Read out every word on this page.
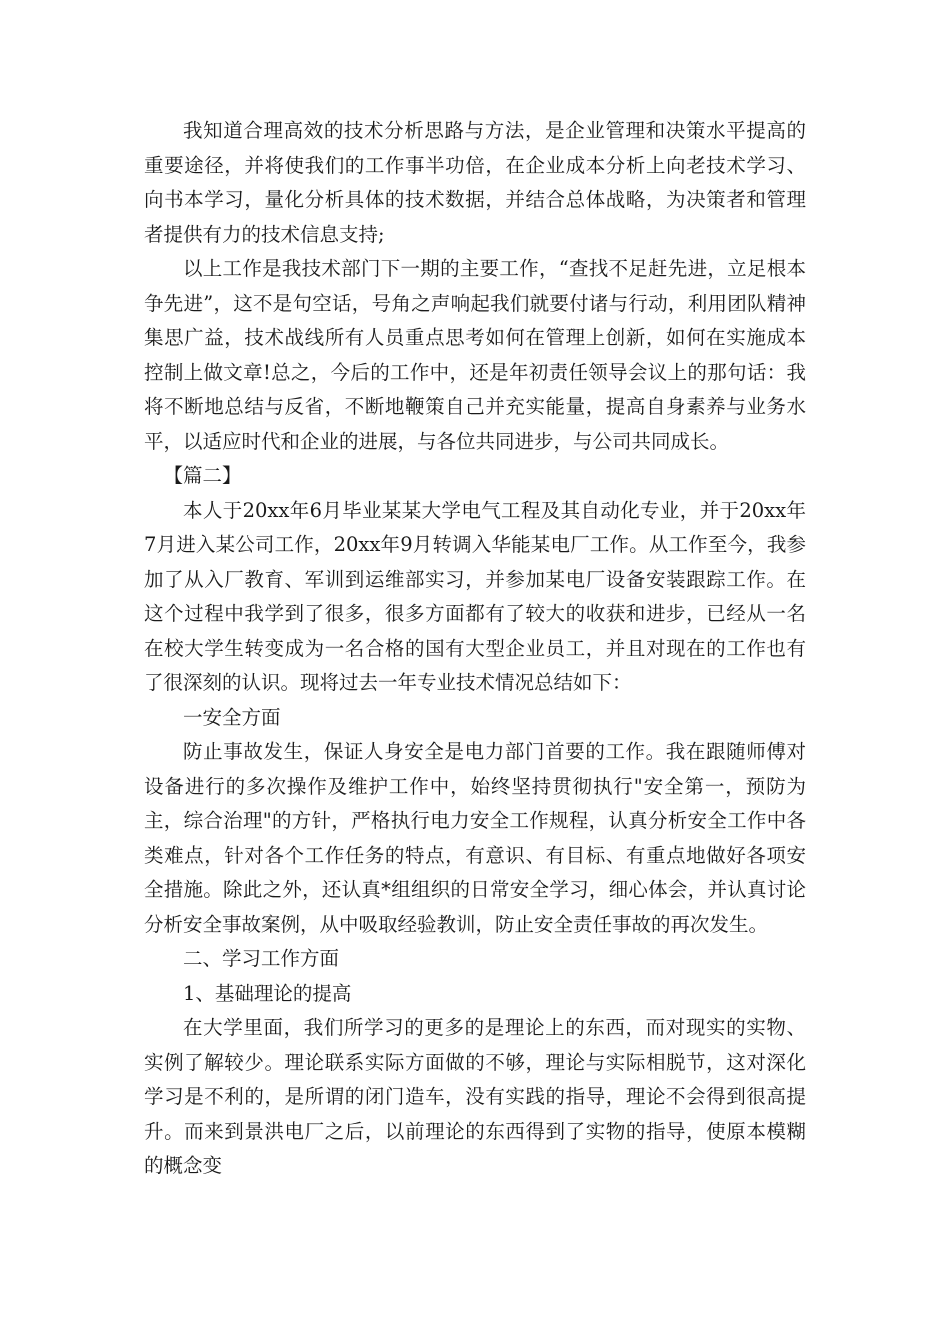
我知道合理高效的技术分析思路与方法，是企业管理和决策水平提高的重要途径，并将使我们的工作事半功倍，在企业成本分析上向老技术学习、向书本学习，量化分析具体的技术数据，并结合总体战略，为决策者和管理者提供有力的技术信息支持;

以上工作是我技术部门下一期的主要工作，“查找不足赶先进，立足根本争先进”，这不是句空话，号角之声响起我们就要付诸与行动，利用团队精神集思广益，技术战线所有人员重点思考如何在管理上创新，如何在实施成本控制上做文章!总之，今后的工作中，还是年初责任领导会议上的那句话：我将不断地总结与反省，不断地鞭策自己并充实能量，提高自身素养与业务水平，以适应时代和企业的进展，与各位共同进步，与公司共同成长。

【篇二】

本人于20xx年6月毕业某某大学电气工程及其自动化专业，并于20xx年7月进入某公司工作，20xx年9月转调入华能某电厂工作。从工作至今，我参加了从入厂教育、军训到运维部实习，并参加某电厂设备安装跟踪工作。在这个过程中我学到了很多，很多方面都有了较大的收获和进步，已经从一名在校大学生转变成为一名合格的国有大型企业员工，并且对现在的工作也有了很深刻的认识。现将过去一年专业技术情况总结如下：

一安全方面

防止事故发生，保证人身安全是电力部门首要的工作。我在跟随师傅对设备进行的多次操作及维护工作中，始终坚持贯彻执行"安全第一，预防为主，综合治理"的方针，严格执行电力安全工作规程，认真分析安全工作中各类难点，针对各个工作任务的特点，有意识、有目标、有重点地做好各项安全措施。除此之外，还认真*组组织的日常安全学习，细心体会，并认真讨论分析安全事故案例，从中吸取经验教训，防止安全责任事故的再次发生。

二、学习工作方面

1、基础理论的提高

在大学里面，我们所学习的更多的是理论上的东西，而对现实的实物、实例了解较少。理论联系实际方面做的不够，理论与实际相脱节，这对深化学习是不利的，是所谓的闭门造车，没有实践的指导，理论不会得到很高提升。而来到景洪电厂之后，以前理论的东西得到了实物的指导，使原本模糊的概念变
